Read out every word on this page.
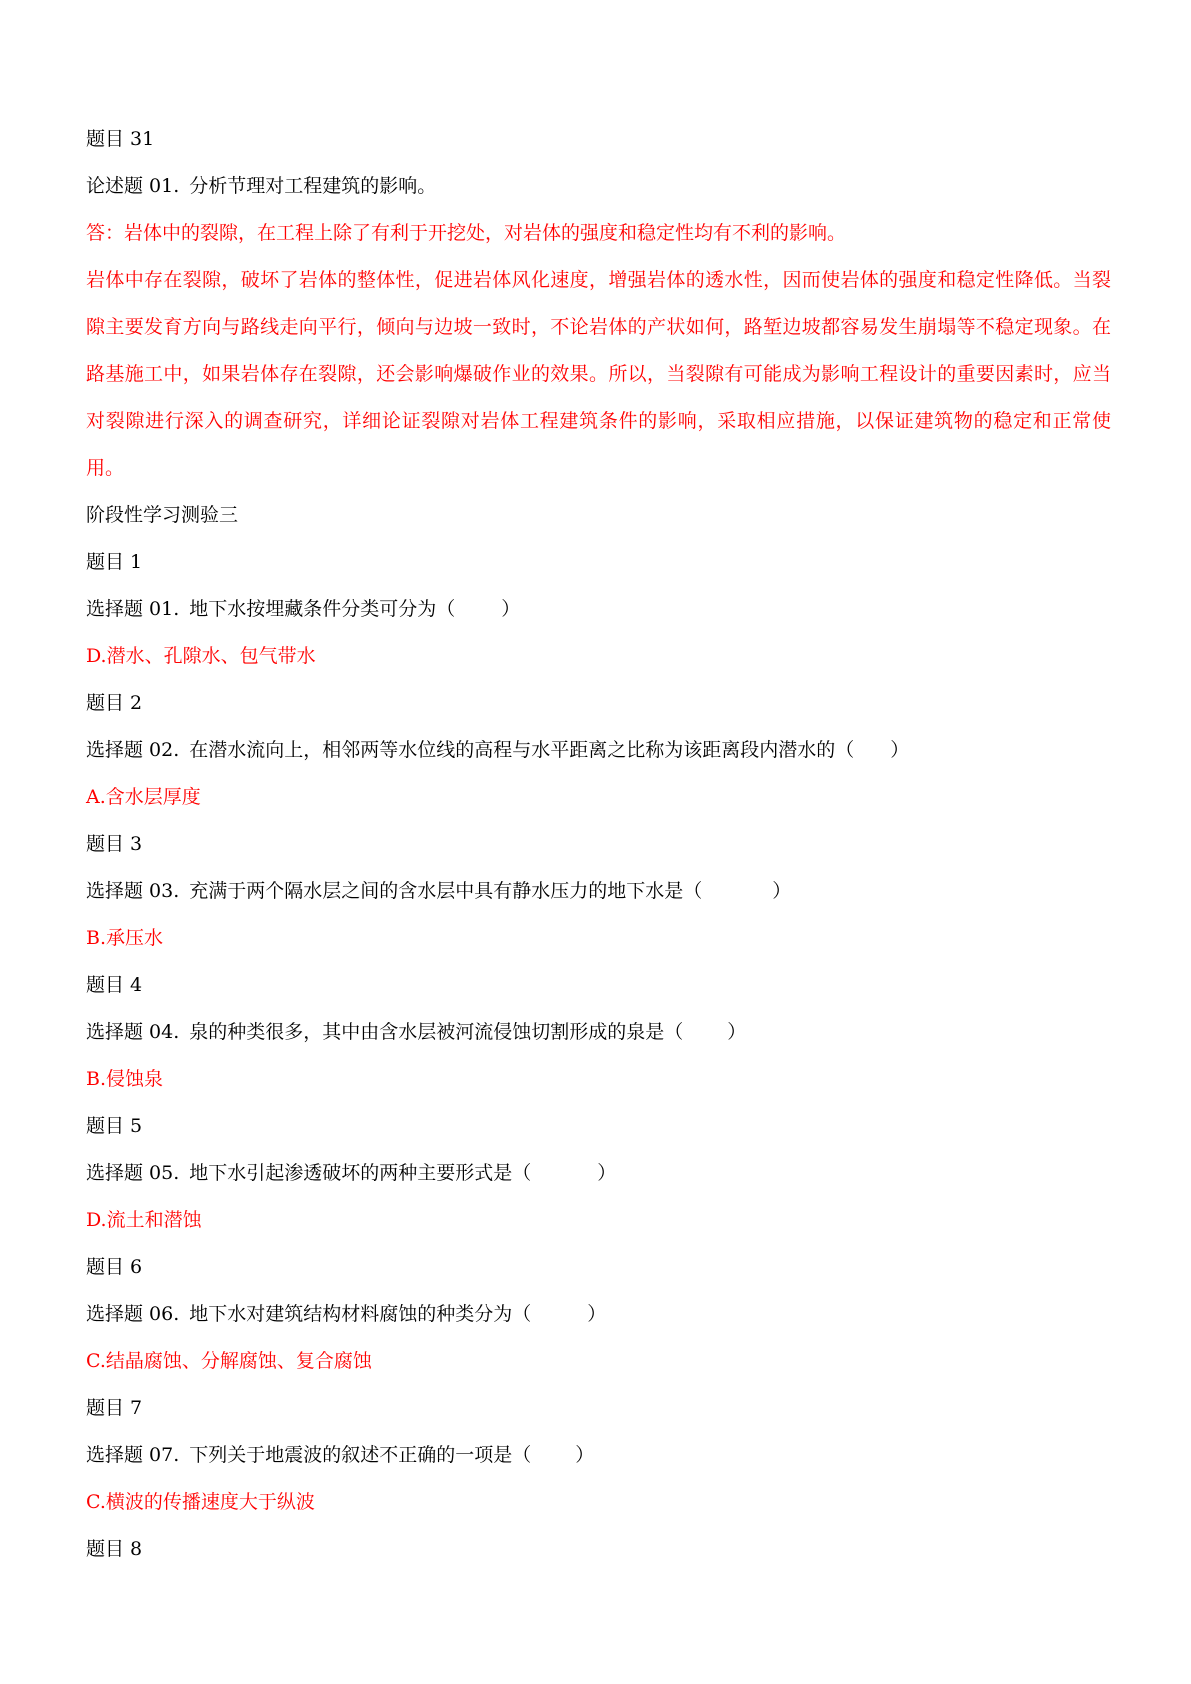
题目 31
论述题 01. 分析节理对工程建筑的影响。
答：岩体中的裂隙，在工程上除了有利于开挖处，对岩体的强度和稳定性均有不利的影响。
岩体中存在裂隙，破坏了岩体的整体性，促进岩体风化速度，增强岩体的透水性，因而使岩体的强度和稳定性降低。当裂隙主要发育方向与路线走向平行，倾向与边坡一致时，不论岩体的产状如何，路堑边坡都容易发生崩塌等不稳定现象。在路基施工中，如果岩体存在裂隙，还会影响爆破作业的效果。所以，当裂隙有可能成为影响工程设计的重要因素时，应当对裂隙进行深入的调查研究，详细论证裂隙对岩体工程建筑条件的影响，采取相应措施，以保证建筑物的稳定和正常使用。
阶段性学习测验三
题目 1
选择题 01. 地下水按埋藏条件分类可分为（ ）
D.潜水、孔隙水、包气带水
题目 2
选择题 02. 在潜水流向上，相邻两等水位线的高程与水平距离之比称为该距离段内潜水的（ ）
A.含水层厚度
题目 3
选择题 03. 充满于两个隔水层之间的含水层中具有静水压力的地下水是（	）
B.承压水
题目 4
选择题 04. 泉的种类很多，其中由含水层被河流侵蚀切割形成的泉是（ ）
B.侵蚀泉
题目 5
选择题 05. 地下水引起渗透破坏的两种主要形式是（	）
D.流土和潜蚀
题目 6
选择题 06. 地下水对建筑结构材料腐蚀的种类分为（	）
C.结晶腐蚀、分解腐蚀、复合腐蚀
题目 7
选择题 07. 下列关于地震波的叙述不正确的一项是（ ）
C.横波的传播速度大于纵波
题目 8
